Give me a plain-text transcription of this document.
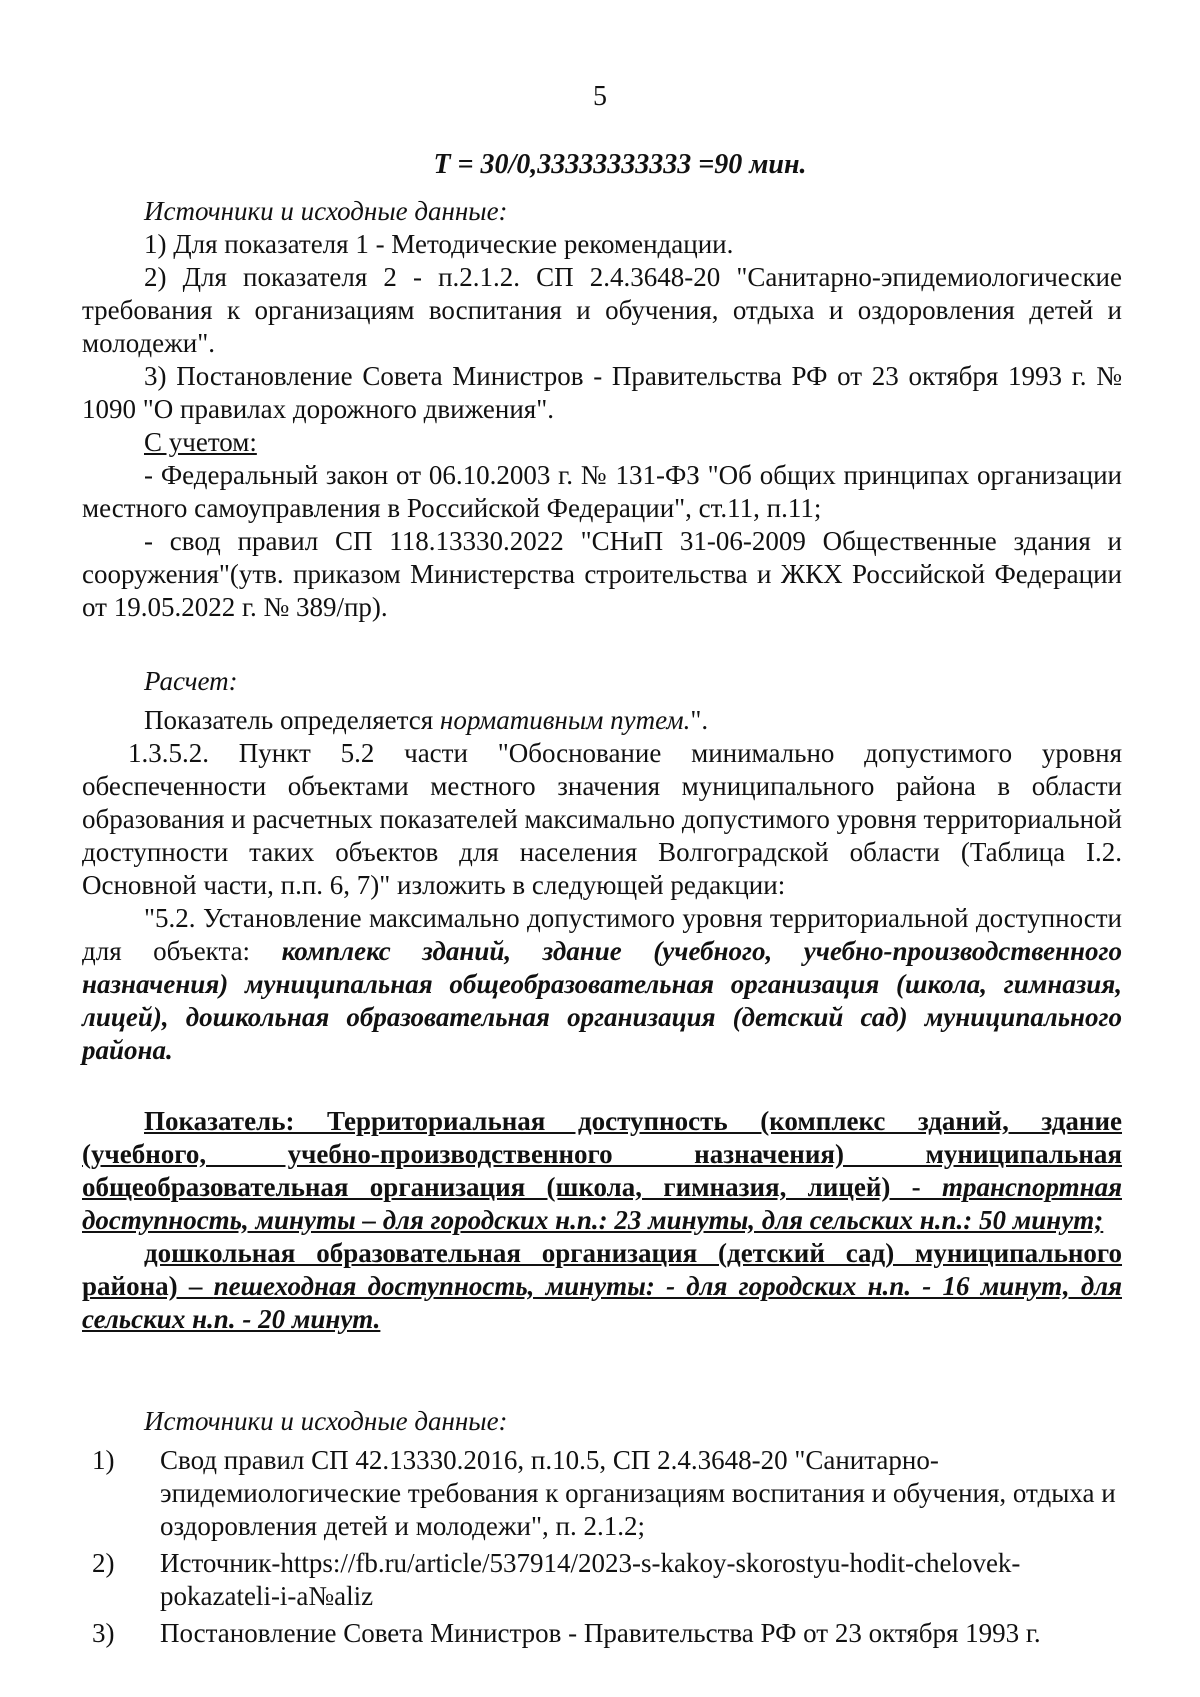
5
T = 30/0,33333333333 =90 мин.

Источники и исходные данные:

1) Для показателя 1 - Методические рекомендации.

2) Для показателя 2 - п.2.1.2. СП 2.4.3648-20 "Санитарно-эпидемиологические требования к организациям воспитания и обучения, отдыха и оздоровления детей и молодежи".

3) Постановление Совета Министров - Правительства РФ от 23 октября 1993 г. № 1090 "О правилах дорожного движения".

С учетом:

- Федеральный закон от 06.10.2003 г. № 131-ФЗ "Об общих принципах организации местного самоуправления в Российской Федерации", ст.11, п.11;

- свод правил СП 118.13330.2022 "СНиП 31-06-2009 Общественные здания и сооружения"(утв. приказом Министерства строительства и ЖКХ Российской Федерации от 19.05.2022 г. № 389/пр).

Расчет:

Показатель определяется нормативным путем.".

1.3.5.2. Пункт 5.2 части "Обоснование минимально допустимого уровня обеспеченности объектами местного значения муниципального района в области образования и расчетных показателей максимально допустимого уровня территориальной доступности таких объектов для населения Волгоградской области (Таблица I.2. Основной части, п.п. 6, 7)" изложить в следующей редакции:

"5.2. Установление максимально допустимого уровня территориальной доступности для объекта: комплекс зданий, здание (учебного, учебно-производственного назначения) муниципальная общеобразовательная организация (школа, гимназия, лицей), дошкольная образовательная организация (детский сад) муниципального района.

Показатель: Территориальная доступность (комплекс зданий, здание (учебного, учебно-производственного назначения) муниципальная общеобразовательная организация (школа, гимназия, лицей) - транспортная доступность, минуты – для городских н.п.: 23 минуты, для сельских н.п.: 50 минут;

дошкольная образовательная организация (детский сад) муниципального района) – пешеходная доступность, минуты: - для городских н.п. - 16 минут, для сельских н.п. - 20 минут.

Источники и исходные данные:

1) Свод правил СП 42.13330.2016, п.10.5, СП 2.4.3648-20 "Санитарно-эпидемиологические требования к организациям воспитания и обучения, отдыха и оздоровления детей и молодежи", п. 2.1.2;
2) Источник-https://fb.ru/article/537914/2023-s-kakoy-skorostyu-hodit-chelovek-pokazateli-i-a№aliz
3) Постановление Совета Министров - Правительства РФ от 23 октября 1993 г.
